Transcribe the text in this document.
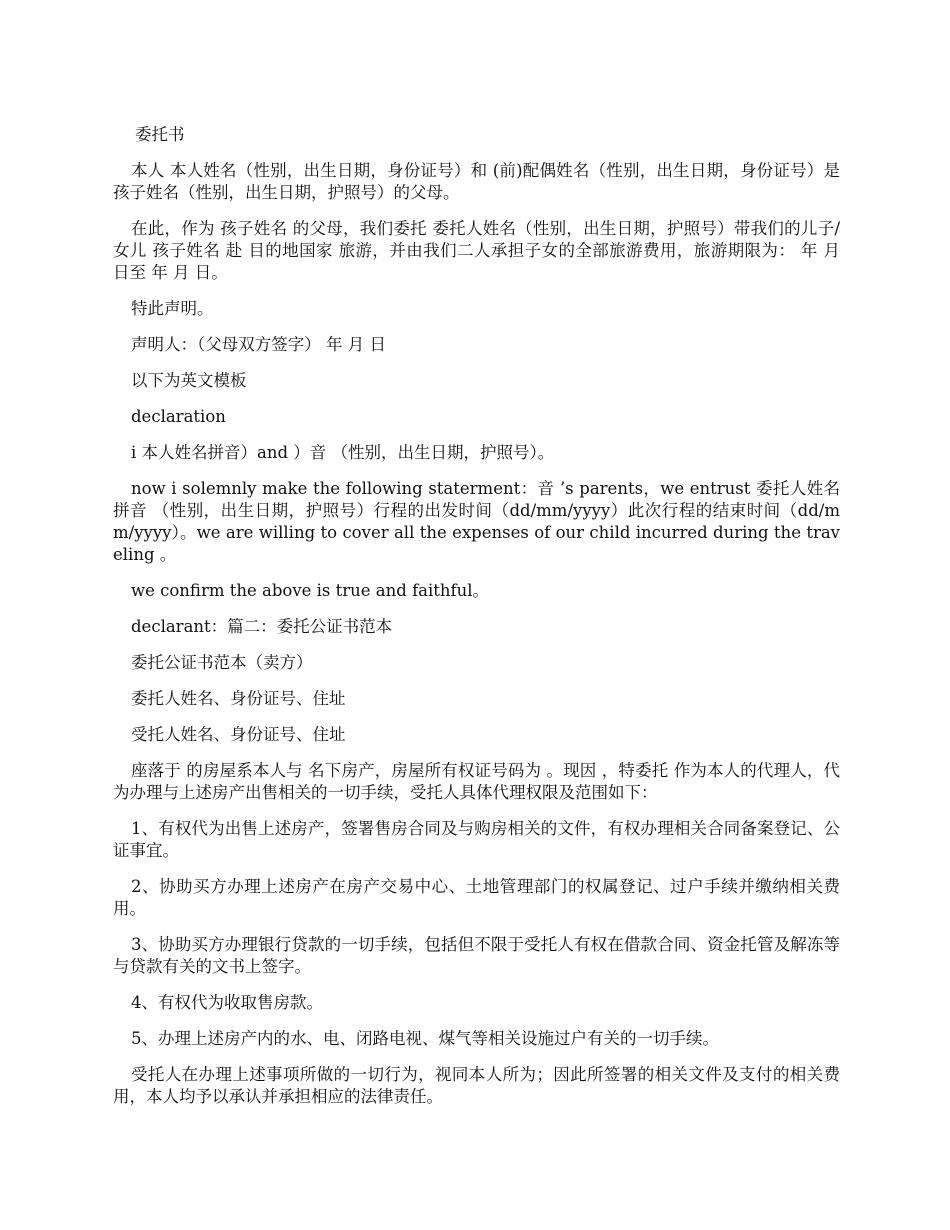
委托书

本人 本人姓名（性别，出生日期，身份证号）和 (前)配偶姓名（性别，出生日期，身份证号）是 孩子姓名（性别，出生日期，护照号）的父母。

在此，作为 孩子姓名 的父母，我们委托 委托人姓名（性别，出生日期，护照号）带我们的儿子/女儿 孩子姓名 赴 目的地国家 旅游，并由我们二人承担子女的全部旅游费用，旅游期限为： 年 月 日至 年 月 日。

特此声明。

声明人：（父母双方签字） 年 月 日

以下为英文模板

declaration

i 本人姓名拼音）and ）音 （性别，出生日期，护照号）。

now i solemnly make the following staterment：音 ’s parents，we entrust 委托人姓名拼音 （性别，出生日期，护照号）行程的出发时间（dd/mm/yyyy）此次行程的结束时间（dd/mm/yyyy）。we are willing to cover all the expenses of our child incurred during the traveling 。

we confirm the above is true and faithful。

declarant：篇二：委托公证书范本

委托公证书范本（卖方）

委托人姓名、身份证号、住址

受托人姓名、身份证号、住址

座落于 的房屋系本人与 名下房产，房屋所有权证号码为 。现因 ，特委托 作为本人的代理人，代为办理与上述房产出售相关的一切手续，受托人具体代理权限及范围如下：

1、有权代为出售上述房产，签署售房合同及与购房相关的文件，有权办理相关合同备案登记、公证事宜。

2、协助买方办理上述房产在房产交易中心、土地管理部门的权属登记、过户手续并缴纳相关费用。

3、协助买方办理银行贷款的一切手续，包括但不限于受托人有权在借款合同、资金托管及解冻等与贷款有关的文书上签字。

4、有权代为收取售房款。

5、办理上述房产内的水、电、闭路电视、煤气等相关设施过户有关的一切手续。

受托人在办理上述事项所做的一切行为，视同本人所为；因此所签署的相关文件及支付的相关费用，本人均予以承认并承担相应的法律责任。
